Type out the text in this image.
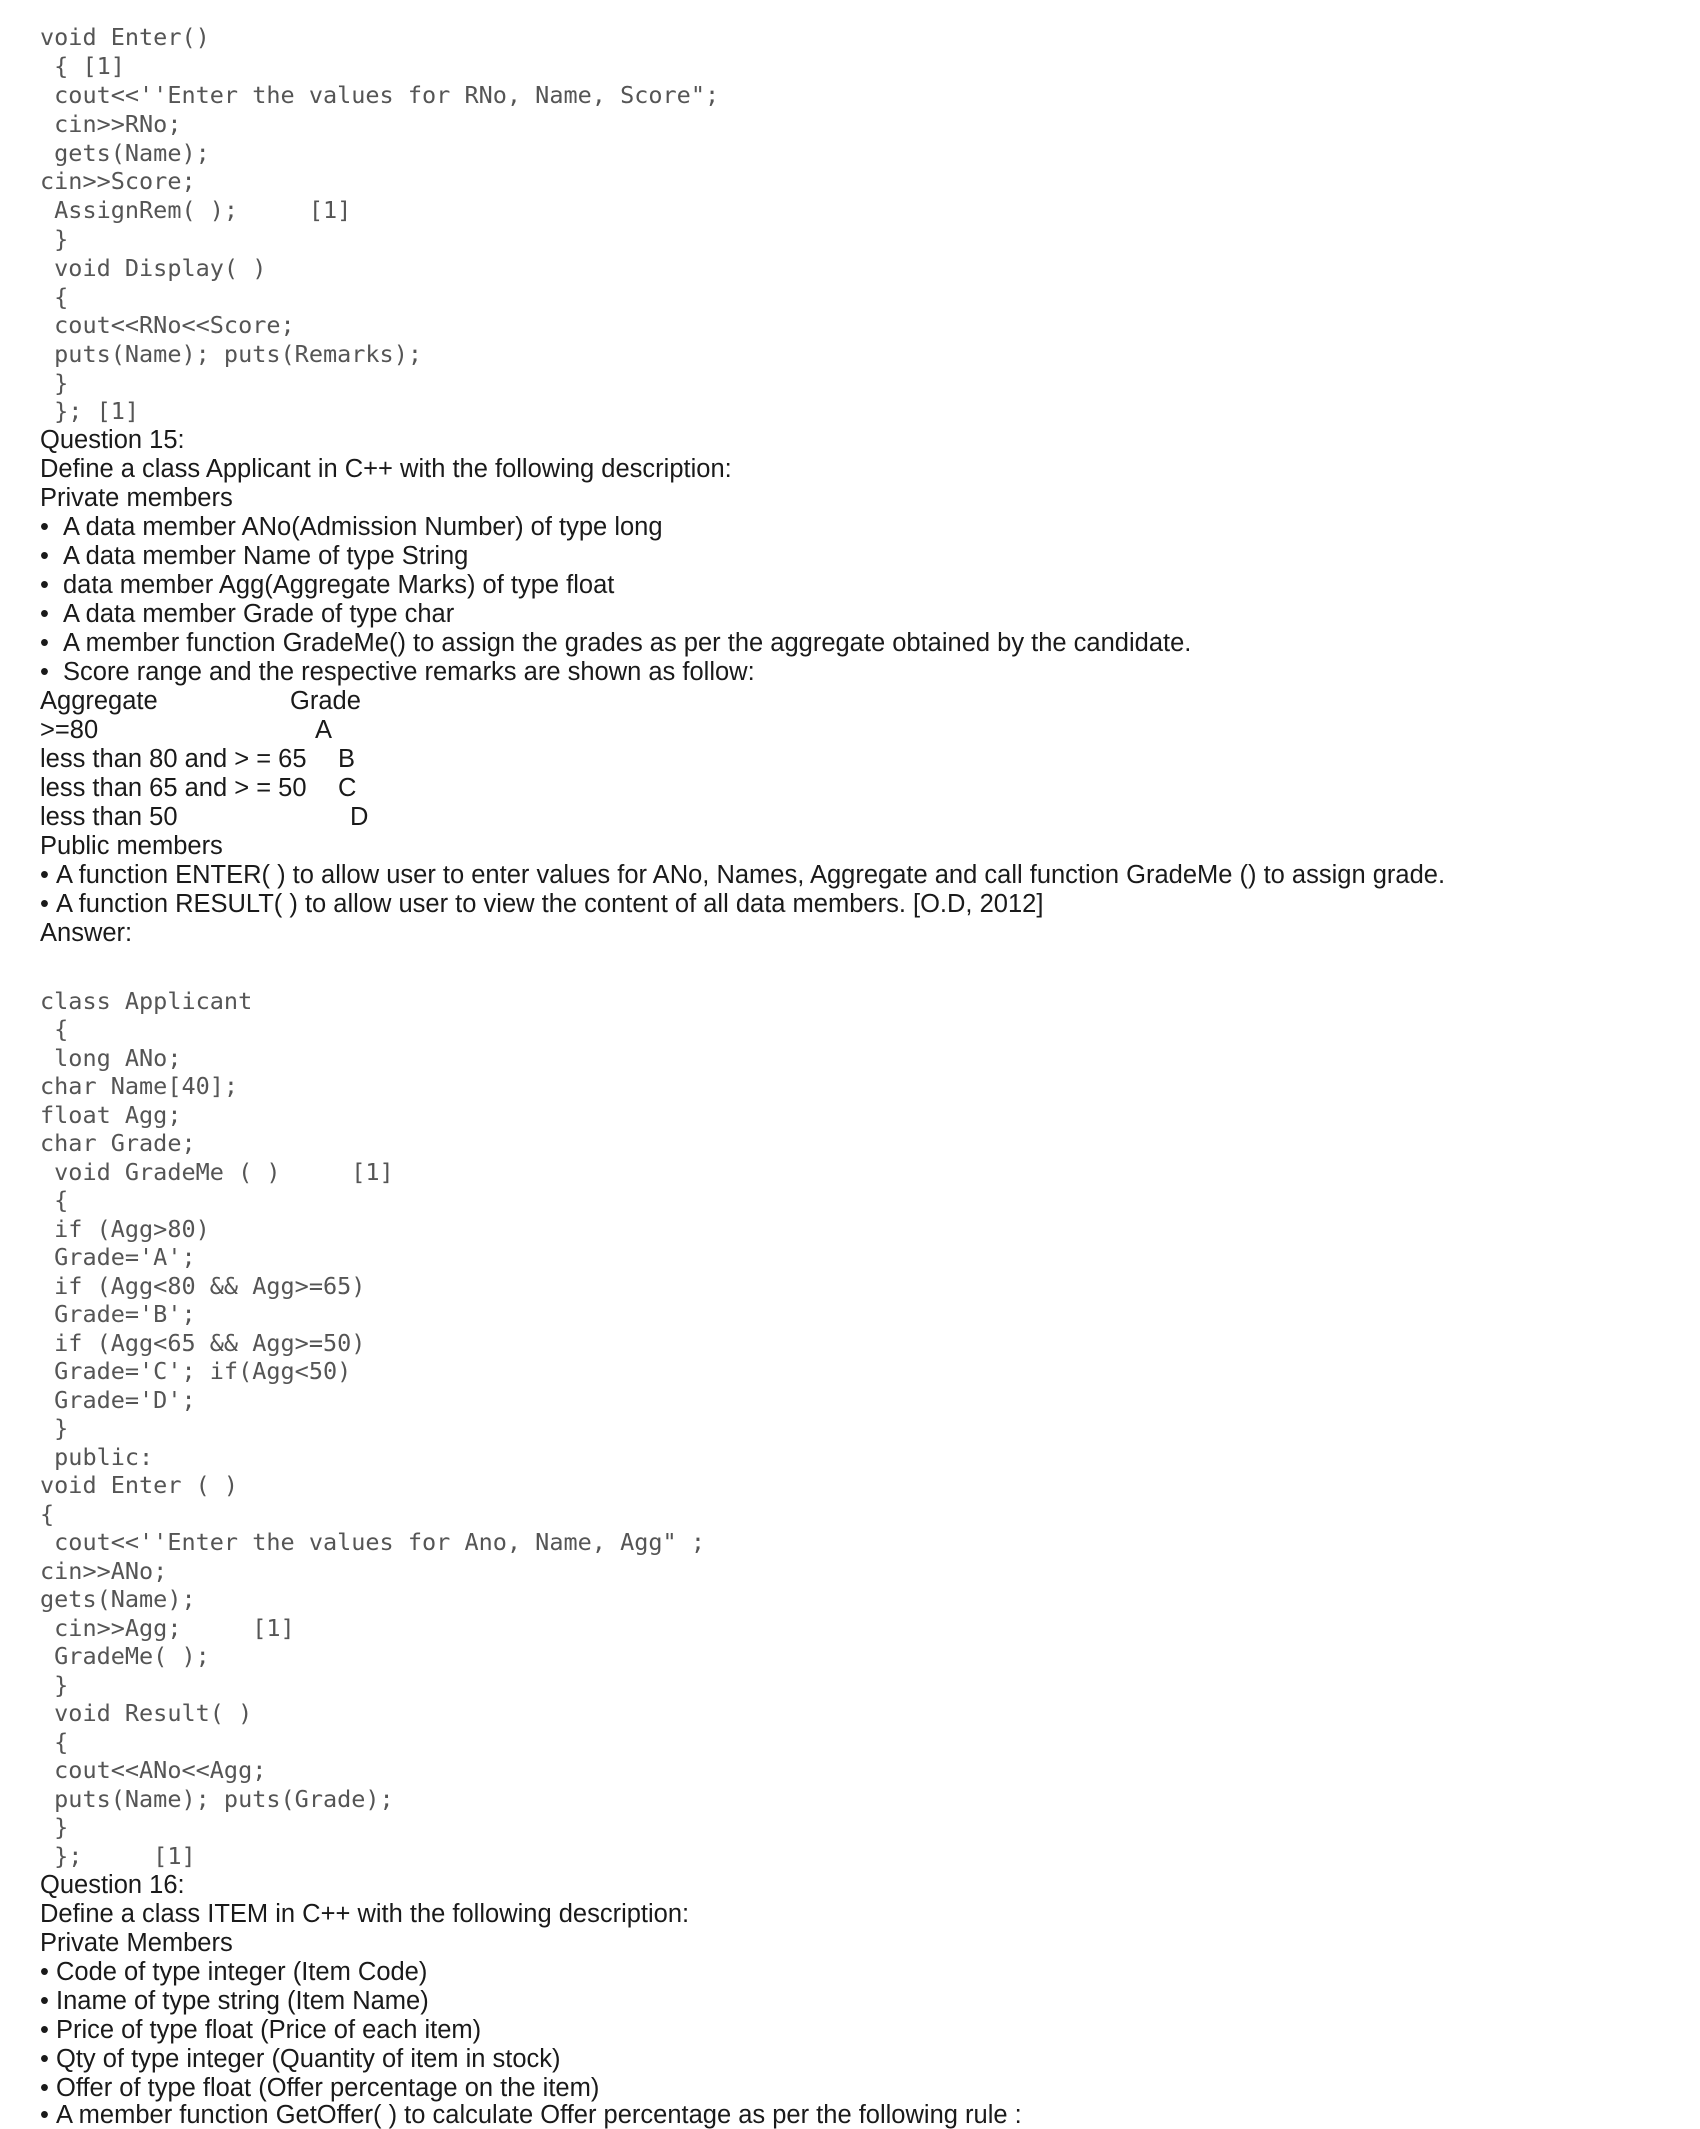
void Enter()
{ [1]
cout<<''Enter the values for RNo, Name, Score";
cin>>RNo;
gets(Name);
cin>>Score;
AssignRem( );     [1]
}
void Display( )
{
cout<<RNo<<Score;
puts(Name); puts(Remarks);
}
}; [1]
Question 15:
Define a class Applicant in C++ with the following description:
Private members
• A data member ANo(Admission Number) of type long
• A data member Name of type String
• data member Agg(Aggregate Marks) of type float
• A data member Grade of type char
• A member function GradeMe() to assign the grades as per the aggregate obtained by the candidate.
• Score range and the respective remarks are shown as follow:
Aggregate	Grade
>=80	A
less than 80 and > = 65 B
less than 65 and > = 50 C
less than 50	D
Public members
• A function ENTER( ) to allow user to enter values for ANo, Names, Aggregate and call function GradeMe () to assign grade.
• A function RESULT( ) to allow user to view the content of all data members. [O.D, 2012]
Answer:
class Applicant
{
long ANo;
char Name[40];
float Agg;
char Grade;
void GradeMe ( )     [1]
{
if (Agg>80)
Grade='A';
if (Agg<80 && Agg>=65)
Grade='B';
if (Agg<65 && Agg>=50)
Grade='C'; if(Agg<50)
Grade='D';
}
public:
void Enter ( )
{
cout<<''Enter the values for Ano, Name, Agg" ;
cin>>ANo;
gets(Name);
cin>>Agg;     [1]
GradeMe( );
}
void Result( )
{
cout<<ANo<<Agg;
puts(Name); puts(Grade);
}
};     [1]
Question 16:
Define a class ITEM in C++ with the following description:
Private Members
• Code of type integer (Item Code)
• Iname of type string (Item Name)
• Price of type float (Price of each item)
• Qty of type integer (Quantity of item in stock)
• Offer of type float (Offer percentage on the item)
• A member function GetOffer( ) to calculate Offer percentage as per the following rule :
